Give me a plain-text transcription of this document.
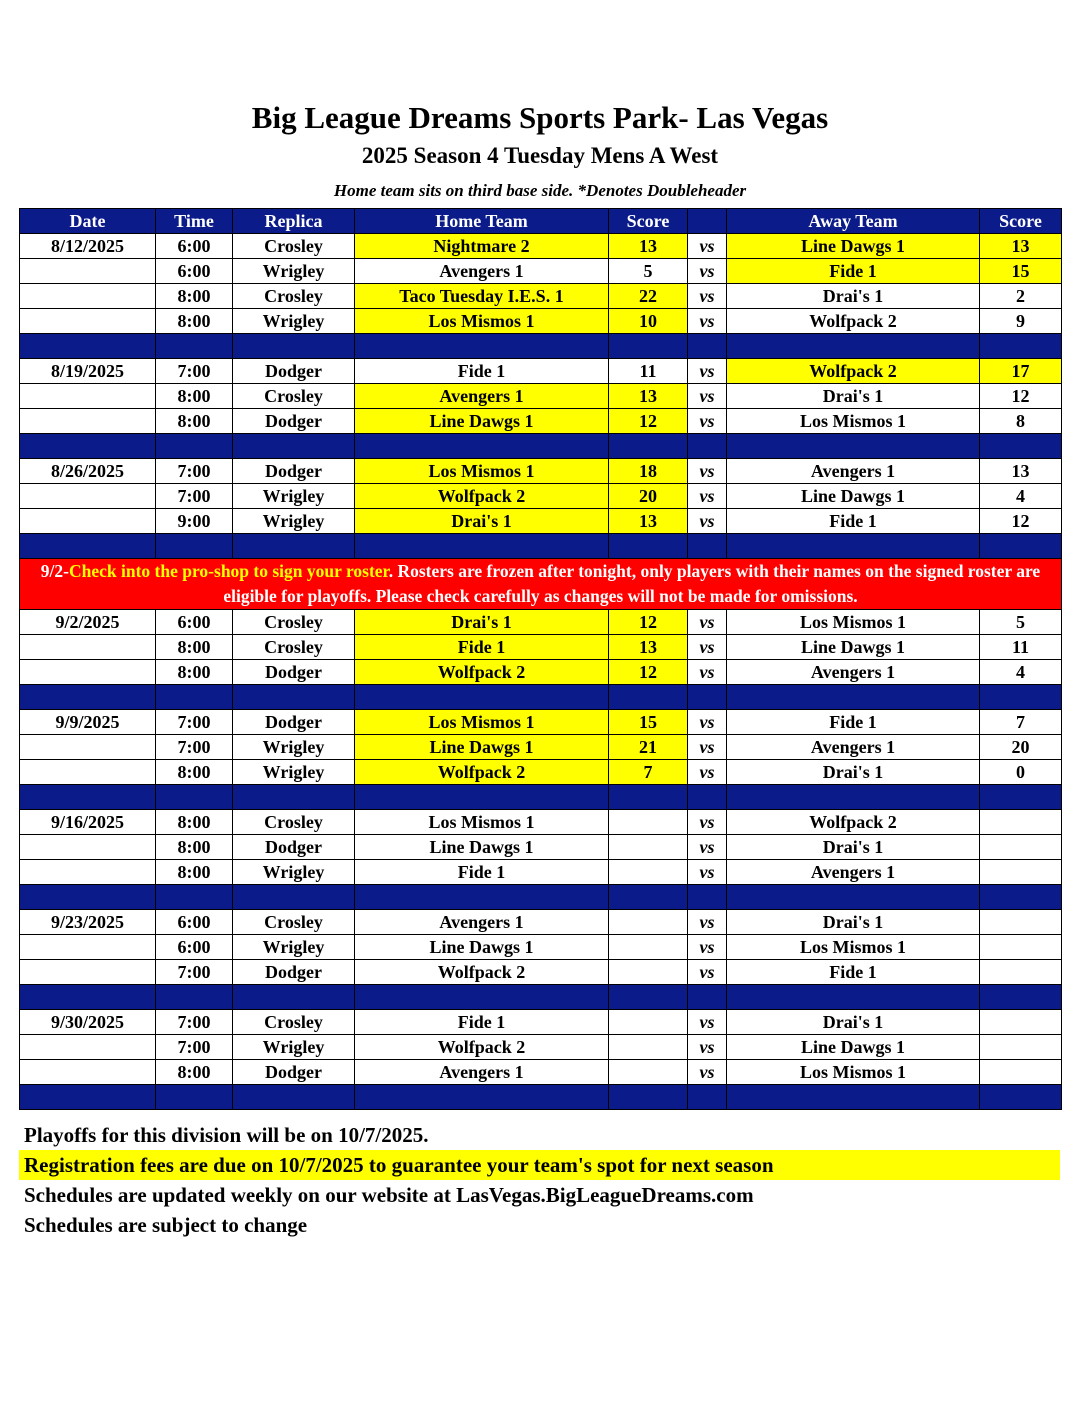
Big League Dreams Sports Park- Las Vegas
2025 Season 4 Tuesday Mens A West
Home team sits on third base side. *Denotes Doubleheader
Date	Time	Replica	Home Team	Score		Away Team	Score
8/12/2025	6:00	Crosley	Nightmare 2	13	vs	Line Dawgs 1	13
	6:00	Wrigley	Avengers 1	5	vs	Fide 1	15
	8:00	Crosley	Taco Tuesday I.E.S. 1	22	vs	Drai's 1	2
	8:00	Wrigley	Los Mismos 1	10	vs	Wolfpack 2	9

8/19/2025	7:00	Dodger	Fide 1	11	vs	Wolfpack 2	17
	8:00	Crosley	Avengers 1	13	vs	Drai's 1	12
	8:00	Dodger	Line Dawgs 1	12	vs	Los Mismos 1	8

8/26/2025	7:00	Dodger	Los Mismos 1	18	vs	Avengers 1	13
	7:00	Wrigley	Wolfpack 2	20	vs	Line Dawgs 1	4
	9:00	Wrigley	Drai's 1	13	vs	Fide 1	12

9/2-Check into the pro-shop to sign your roster. Rosters are frozen after tonight, only players with their names on the signed roster are eligible for playoffs. Please check carefully as changes will not be made for omissions.							
9/2/2025	6:00	Crosley	Drai's 1	12	vs	Los Mismos 1	5
	8:00	Crosley	Fide 1	13	vs	Line Dawgs 1	11
	8:00	Dodger	Wolfpack 2	12	vs	Avengers 1	4

9/9/2025	7:00	Dodger	Los Mismos 1	15	vs	Fide 1	7
	7:00	Wrigley	Line Dawgs 1	21	vs	Avengers 1	20
	8:00	Wrigley	Wolfpack 2	7	vs	Drai's 1	0

9/16/2025	8:00	Crosley	Los Mismos 1		vs	Wolfpack 2	
	8:00	Dodger	Line Dawgs 1		vs	Drai's 1	
	8:00	Wrigley	Fide 1		vs	Avengers 1	

9/23/2025	6:00	Crosley	Avengers 1		vs	Drai's 1	
	6:00	Wrigley	Line Dawgs 1		vs	Los Mismos 1	
	7:00	Dodger	Wolfpack 2		vs	Fide 1	

9/30/2025	7:00	Crosley	Fide 1		vs	Drai's 1	
	7:00	Wrigley	Wolfpack 2		vs	Line Dawgs 1	
	8:00	Dodger	Avengers 1		vs	Los Mismos 1	

Playoffs for this division will be on 10/7/2025.
Registration fees are due on 10/7/2025 to guarantee your team's spot for next season
Schedules are updated weekly on our website at LasVegas.BigLeagueDreams.com
Schedules are subject to change
